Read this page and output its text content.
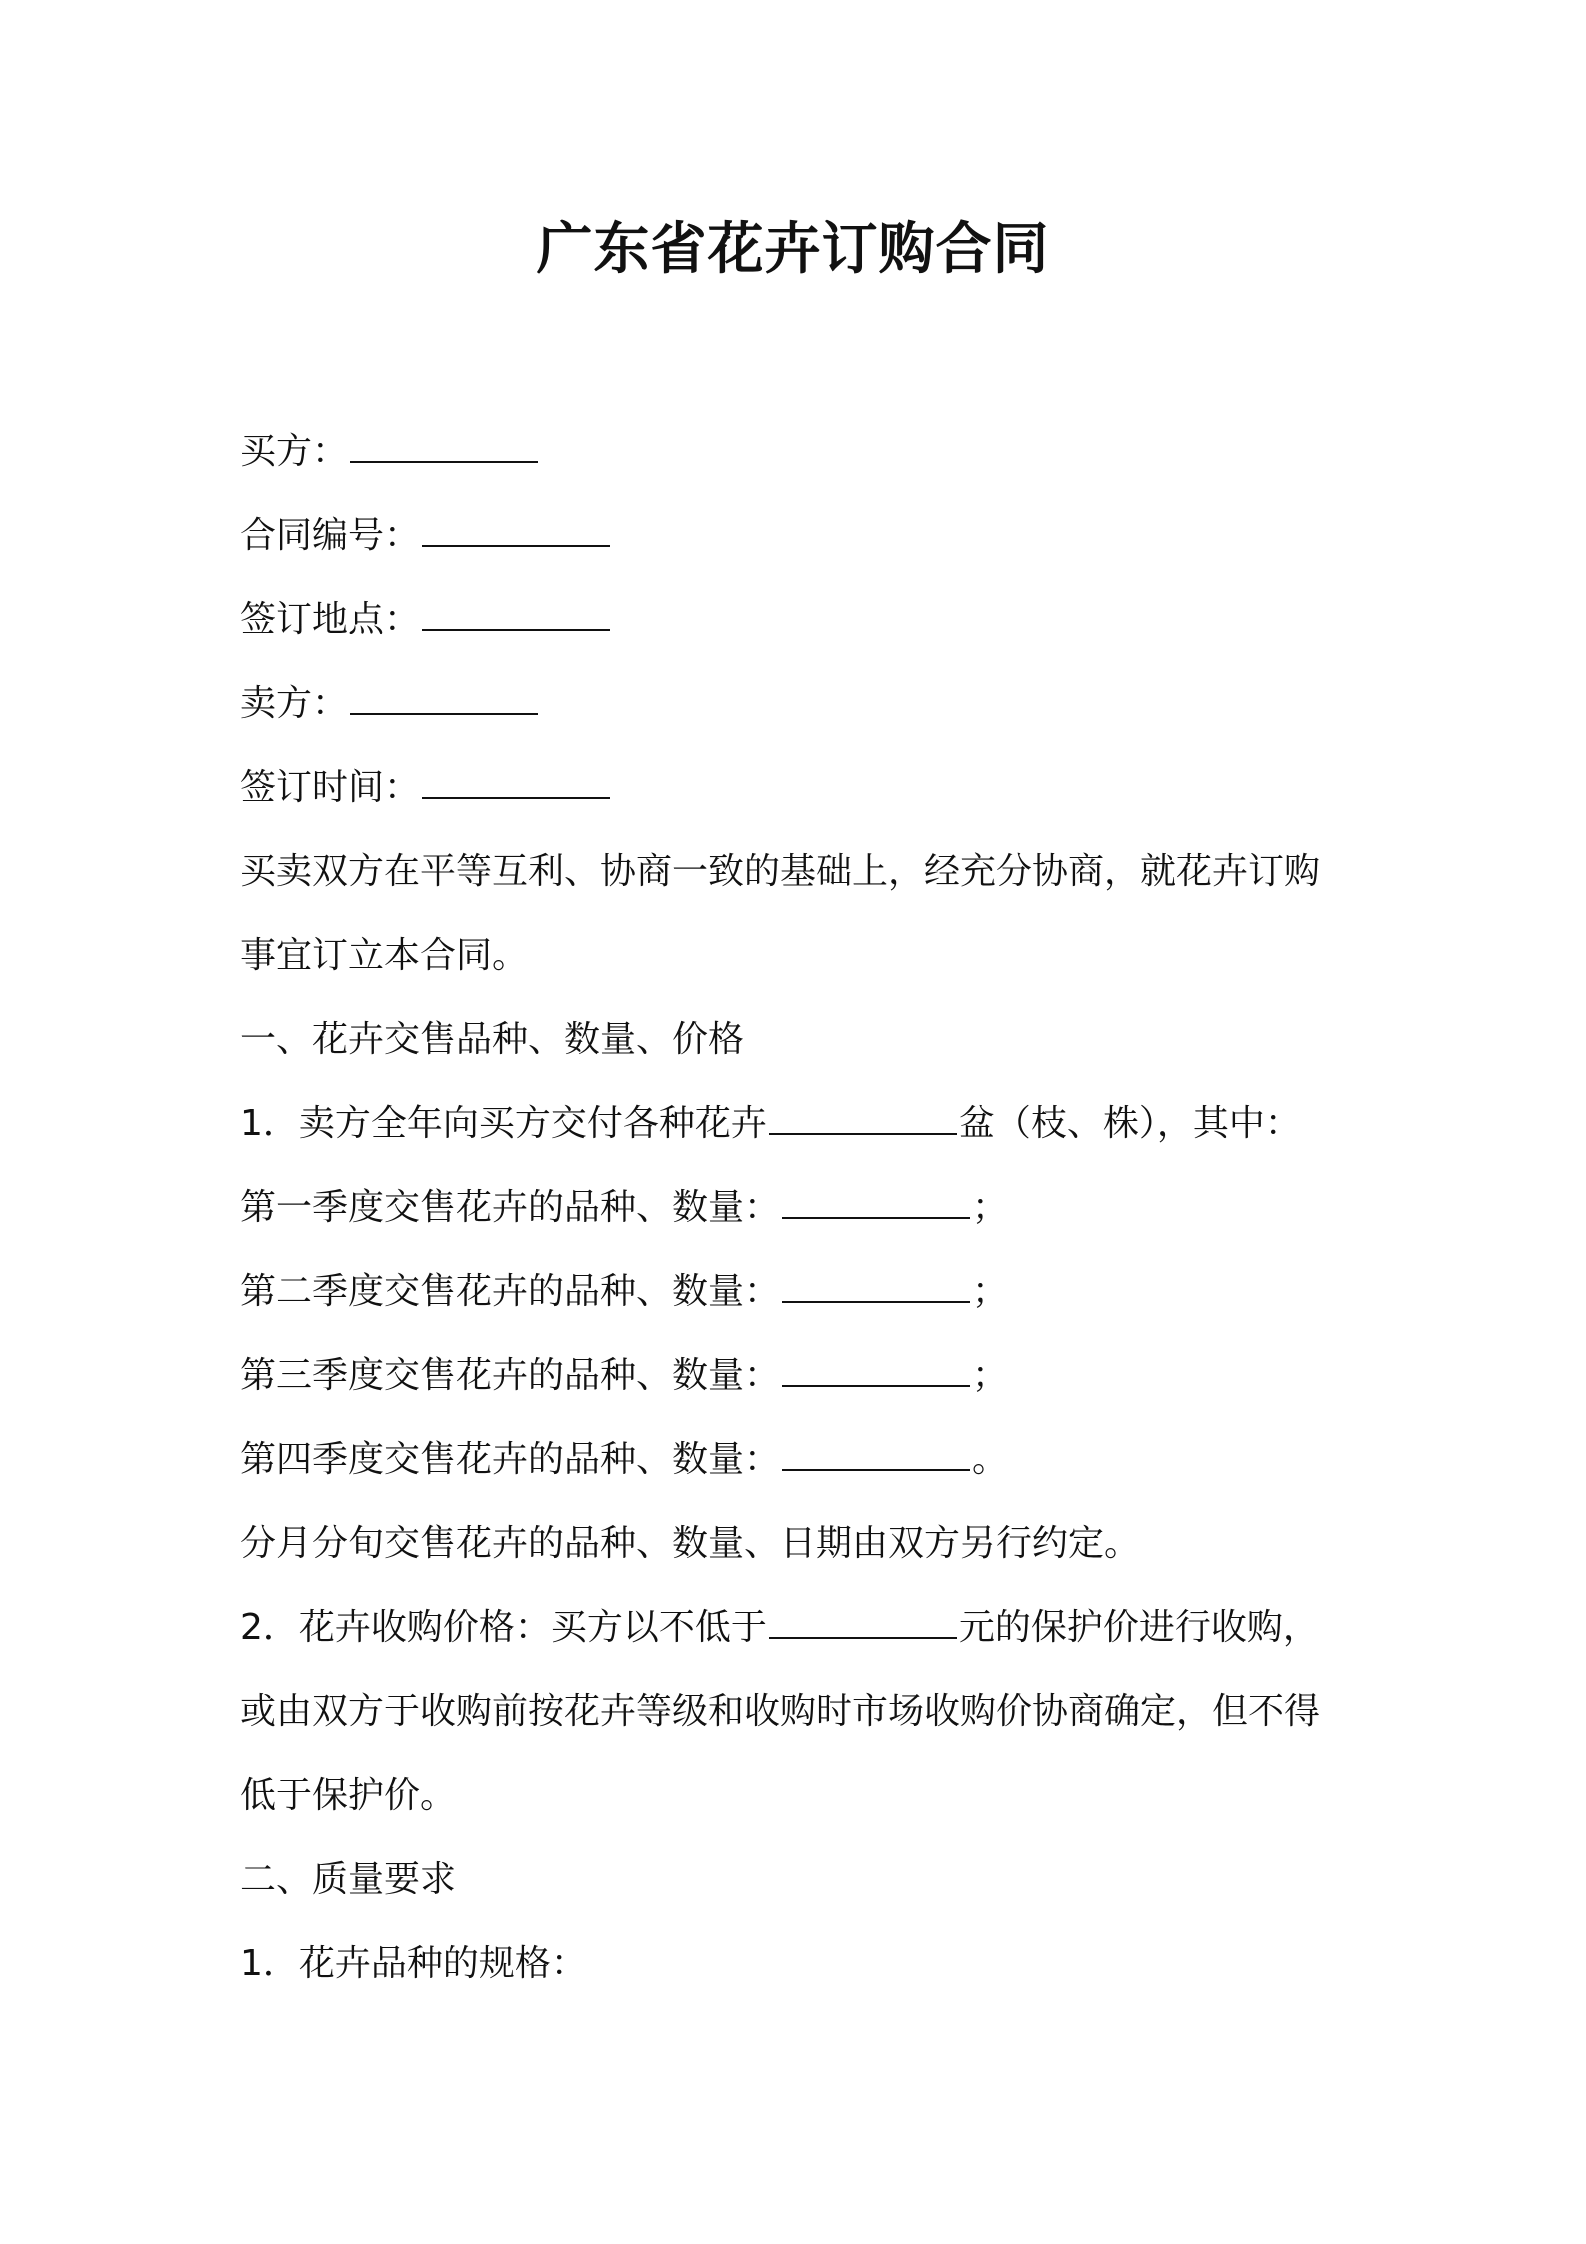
广东省花卉订购合同
买方：
合同编号：
签订地点：
卖方：
签订时间：
买卖双方在平等互利、协商一致的基础上，经充分协商，就花卉订购
事宜订立本合同。
一、花卉交售品种、数量、价格
1．卖方全年向买方交付各种花卉	盆（枝、株），其中：
第一季度交售花卉的品种、数量：	；
第二季度交售花卉的品种、数量：	；
第三季度交售花卉的品种、数量：	；
第四季度交售花卉的品种、数量：	。
分月分旬交售花卉的品种、数量、日期由双方另行约定。
2．花卉收购价格：买方以不低于	元的保护价进行收购，
或由双方于收购前按花卉等级和收购时市场收购价协商确定，但不得
低于保护价。
二、质量要求
1．花卉品种的规格：
